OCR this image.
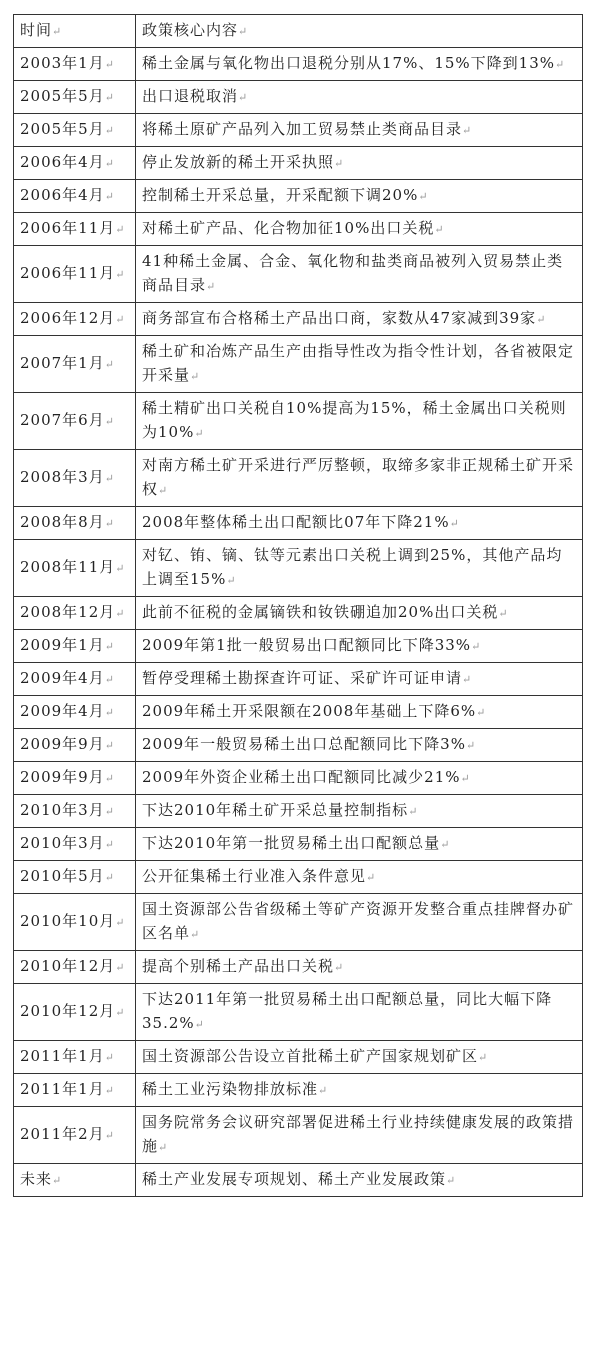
时间↵	政策核心内容↵
2003年1月↵	稀土金属与氧化物出口退税分别从17%、15%下降到13%↵
2005年5月↵	出口退税取消↵
2005年5月↵	将稀土原矿产品列入加工贸易禁止类商品目录↵
2006年4月↵	停止发放新的稀土开采执照↵
2006年4月↵	控制稀土开采总量，开采配额下调20%↵
2006年11月↵	对稀土矿产品、化合物加征10%出口关税↵
2006年11月↵	41种稀土金属、合金、氧化物和盐类商品被列入贸易禁止类商品目录↵
2006年12月↵	商务部宣布合格稀土产品出口商，家数从47家减到39家↵
2007年1月↵	稀土矿和冶炼产品生产由指导性改为指令性计划，各省被限定开采量↵
2007年6月↵	稀土精矿出口关税自10%提高为15%，稀土金属出口关税则为10%↵
2008年3月↵	对南方稀土矿开采进行严厉整顿，取缔多家非正规稀土矿开采权↵
2008年8月↵	2008年整体稀土出口配额比07年下降21%↵
2008年11月↵	对钇、铕、镝、钛等元素出口关税上调到25%，其他产品均上调至15%↵
2008年12月↵	此前不征税的金属镝铁和钕铁硼追加20%出口关税↵
2009年1月↵	2009年第1批一般贸易出口配额同比下降33%↵
2009年4月↵	暂停受理稀土勘探查许可证、采矿许可证申请↵
2009年4月↵	2009年稀土开采限额在2008年基础上下降6%↵
2009年9月↵	2009年一般贸易稀土出口总配额同比下降3%↵
2009年9月↵	2009年外资企业稀土出口配额同比减少21%↵
2010年3月↵	下达2010年稀土矿开采总量控制指标↵
2010年3月↵	下达2010年第一批贸易稀土出口配额总量↵
2010年5月↵	公开征集稀土行业准入条件意见↵
2010年10月↵	国土资源部公告省级稀土等矿产资源开发整合重点挂牌督办矿区名单↵
2010年12月↵	提高个别稀土产品出口关税↵
2010年12月↵	下达2011年第一批贸易稀土出口配额总量，同比大幅下降35.2%↵
2011年1月↵	国土资源部公告设立首批稀土矿产国家规划矿区↵
2011年1月↵	稀土工业污染物排放标准↵
2011年2月↵	国务院常务会议研究部署促进稀土行业持续健康发展的政策措施↵
未来↵	稀土产业发展专项规划、稀土产业发展政策↵
